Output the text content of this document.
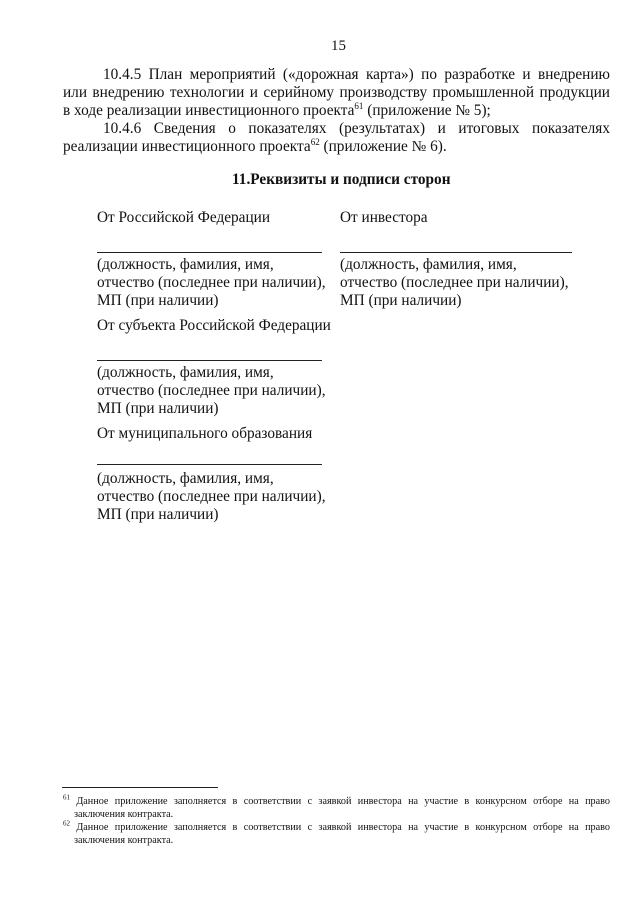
15
10.4.5 План мероприятий («дорожная карта») по разработке и внедрению
или внедрению технологии и серийному производству промышленной продукции
в ходе реализации инвестиционного проекта$^{61}$ (приложение № 5);
10.4.6 Сведения о показателях (результатах) и итоговых показателях
реализации инвестиционного проекта$^{62}$ (приложение № 6).
11.Реквизиты и подписи сторон
От Российской Федерации
(должность, фамилия, имя,
отчество (последнее при наличии),
МП (при наличии)
От инвестора
(должность, фамилия, имя,
отчество (последнее при наличии),
МП (при наличии)
От субъекта Российской Федерации
(должность, фамилия, имя,
отчество (последнее при наличии),
МП (при наличии)
От муниципального образования
(должность, фамилия, имя,
отчество (последнее при наличии),
МП (при наличии)
$^{61}$ Данное приложение заполняется в соответствии с заявкой инвестора на участие в конкурсном отборе на право
заключения контракта.
$^{62}$ Данное приложение заполняется в соответствии с заявкой инвестора на участие в конкурсном отборе на право
заключения контракта.
